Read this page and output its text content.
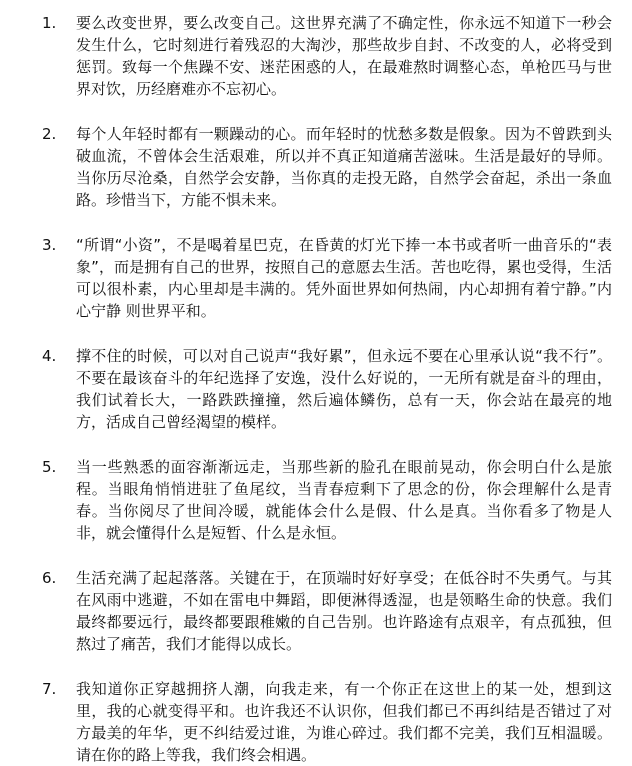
1. 要么改变世界，要么改变自己。这世界充满了不确定性，你永远不知道下一秒会发生什么，它时刻进行着残忍的大淘沙，那些故步自封、不改变的人，必将受到惩罚。致每一个焦躁不安、迷茫困惑的人，在最难熬时调整心态，单枪匹马与世界对饮，历经磨难亦不忘初心。
2. 每个人年轻时都有一颗躁动的心。而年轻时的忧愁多数是假象。因为不曾跌到头破血流，不曾体会生活艰难，所以并不真正知道痛苦滋味。生活是最好的导师。当你历尽沧桑，自然学会安静，当你真的走投无路，自然学会奋起，杀出一条血路。珍惜当下，方能不惧未来。
3. “所谓“小资”，不是喝着星巴克，在昏黄的灯光下捧一本书或者听一曲音乐的“表象”，而是拥有自己的世界，按照自己的意愿去生活。苦也吃得，累也受得，生活可以很朴素，内心里却是丰满的。凭外面世界如何热闹，内心却拥有着宁静。”内心宁静 则世界平和。
4. 撑不住的时候，可以对自己说声“我好累”，但永远不要在心里承认说“我不行”。不要在最该奋斗的年纪选择了安逸，没什么好说的，一无所有就是奋斗的理由，我们试着长大，一路跌跌撞撞，然后遍体鳞伤，总有一天，你会站在最亮的地方，活成自己曾经渴望的模样。
5. 当一些熟悉的面容渐渐远走，当那些新的脸孔在眼前晃动，你会明白什么是旅程。当眼角悄悄进驻了鱼尾纹，当青春痘剩下了思念的份，你会理解什么是青春。当你阅尽了世间冷暖，就能体会什么是假、什么是真。当你看多了物是人非，就会懂得什么是短暂、什么是永恒。
6. 生活充满了起起落落。关键在于，在顶端时好好享受；在低谷时不失勇气。与其在风雨中逃避，不如在雷电中舞蹈，即便淋得透湿，也是领略生命的快意。我们最终都要远行，最终都要跟稚嫩的自己告别。也许路途有点艰辛，有点孤独，但熬过了痛苦，我们才能得以成长。
7. 我知道你正穿越拥挤人潮，向我走来，有一个你正在这世上的某一处，想到这里，我的心就变得平和。也许我还不认识你，但我们都已不再纠结是否错过了对方最美的年华，更不纠结爱过谁，为谁心碎过。我们都不完美，我们互相温暖。请在你的路上等我，我们终会相遇。
